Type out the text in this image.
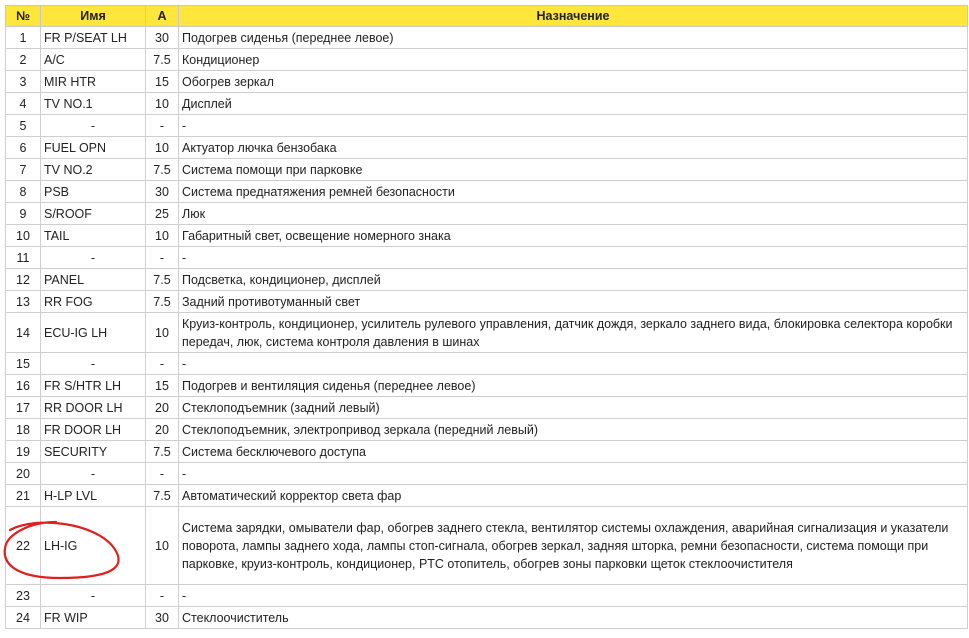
№	Имя	А	Назначение
1	FR P/SEAT LH	30	Подогрев сиденья (переднее левое)
2	A/C	7.5	Кондиционер
3	MIR HTR	15	Обогрев зеркал
4	TV NO.1	10	Дисплей
5	-	-	-
6	FUEL OPN	10	Актуатор лючка бензобака
7	TV NO.2	7.5	Система помощи при парковке
8	PSB	30	Система преднатяжения ремней безопасности
9	S/ROOF	25	Люк
10	TAIL	10	Габаритный свет, освещение номерного знака
11	-	-	-
12	PANEL	7.5	Подсветка, кондиционер, дисплей
13	RR FOG	7.5	Задний противотуманный свет
14	ECU-IG LH	10	Круиз-контроль, кондиционер, усилитель рулевого управления, датчик дождя, зеркало заднего вида, блокировка селектора коробки передач, люк, система контроля давления в шинах
15	-	-	-
16	FR S/HTR LH	15	Подогрев и вентиляция сиденья (переднее левое)
17	RR DOOR LH	20	Стеклоподъемник (задний левый)
18	FR DOOR LH	20	Стеклоподъемник, электропривод зеркала (передний левый)
19	SECURITY	7.5	Система бесключевого доступа
20	-	-	-
21	H-LP LVL	7.5	Автоматический корректор света фар
22	LH-IG	10	Система зарядки, омыватели фар, обогрев заднего стекла, вентилятор системы охлаждения, аварийная сигнализация и указатели поворота, лампы заднего хода, лампы стоп-сигнала, обогрев зеркал, задняя шторка, ремни безопасности, система помощи при парковке, круиз-контроль, кондиционер, PTC отопитель, обогрев зоны парковки щеток стеклоочистителя
23	-	-	-
24	FR WIP	30	Стеклоочиститель
